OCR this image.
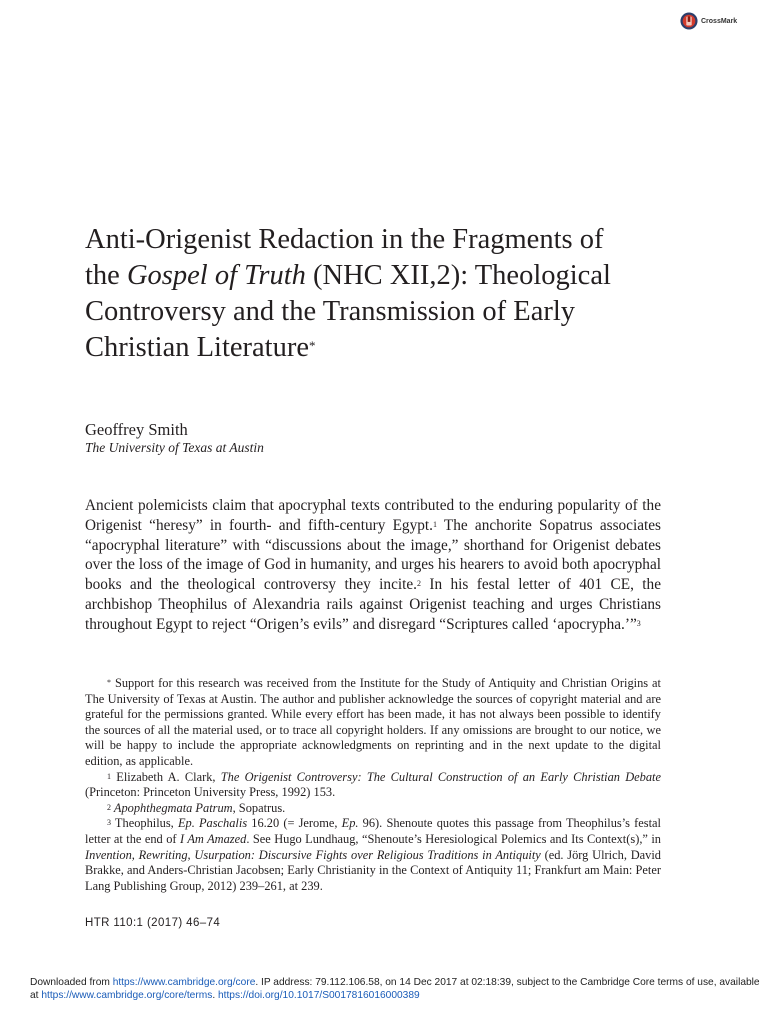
CrossMark
Anti-Origenist Redaction in the Fragments of the Gospel of Truth (NHC XII,2): Theological Controversy and the Transmission of Early Christian Literature*
Geoffrey Smith
The University of Texas at Austin

Ancient polemicists claim that apocryphal texts contributed to the enduring popularity of the Origenist “heresy” in fourth- and fifth-century Egypt.$^1$ The anchorite Sopatrus associates “apocryphal literature” with “discussions about the image,” shorthand for Origenist debates over the loss of the image of God in humanity, and urges his hearers to avoid both apocryphal books and the theological controversy they incite.$^2$ In his festal letter of 401 CE, the archbishop Theophilus of Alexandria rails against Origenist teaching and urges Christians throughout Egypt to reject “Origen’s evils” and disregard “Scriptures called ‘apocrypha.’”$^3$

* Support for this research was received from the Institute for the Study of Antiquity and Christian Origins at The University of Texas at Austin. The author and publisher acknowledge the sources of copyright material and are grateful for the permissions granted. While every effort has been made, it has not always been possible to identify the sources of all the material used, or to trace all copyright holders. If any omissions are brought to our notice, we will be happy to include the appropriate acknowledgments on reprinting and in the next update to the digital edition, as applicable.

$^1$ Elizabeth A. Clark, The Origenist Controversy: The Cultural Construction of an Early Christian Debate (Princeton: Princeton University Press, 1992) 153.

$^2$ Apophthegmata Patrum, Sopatrus.

$^3$ Theophilus, Ep. Paschalis 16.20 (= Jerome, Ep. 96). Shenoute quotes this passage from Theophilus’s festal letter at the end of I Am Amazed. See Hugo Lundhaug, “Shenoute’s Heresiological Polemics and Its Context(s),” in Invention, Rewriting, Usurpation: Discursive Fights over Religious Traditions in Antiquity (ed. Jörg Ulrich, David Brakke, and Anders-Christian Jacobsen; Early Christianity in the Context of Antiquity 11; Frankfurt am Main: Peter Lang Publishing Group, 2012) 239–261, at 239.

HTR 110:1 (2017) 46–74
Downloaded from https://www.cambridge.org/core. IP address: 79.112.106.58, on 14 Dec 2017 at 02:18:39, subject to the Cambridge Core terms of use, available at https://www.cambridge.org/core/terms. https://doi.org/10.1017/S0017816016000389
